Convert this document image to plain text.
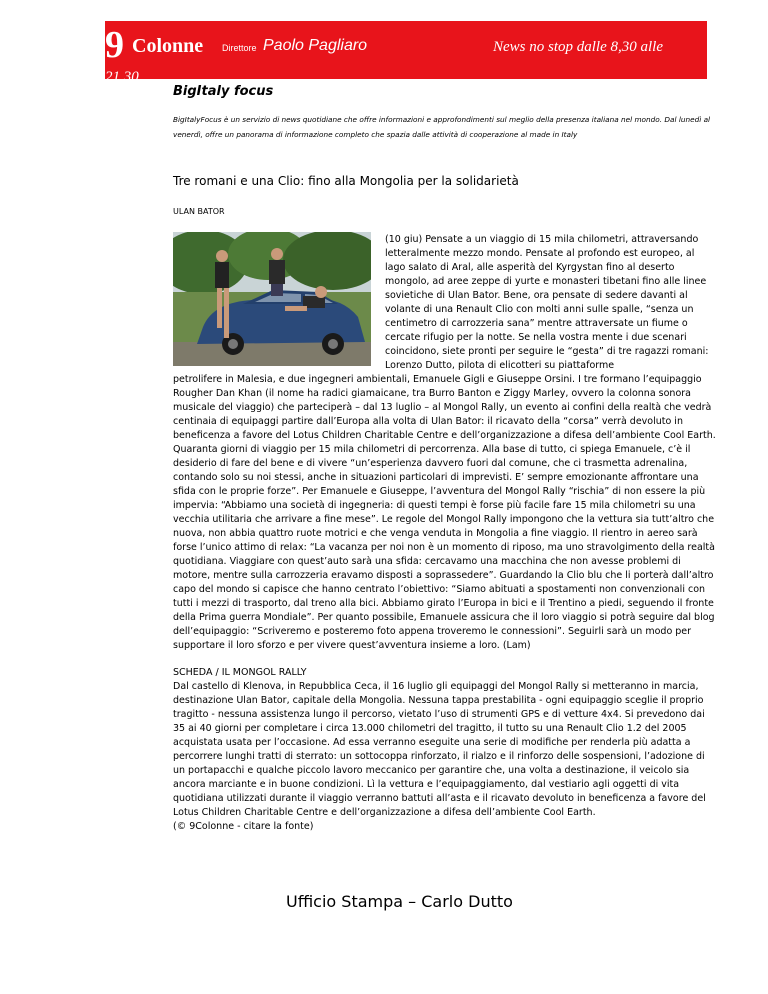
9 Colonne Direttore Paolo Pagliaro	News no stop dalle 8,30 alle
21,30
BigItaly focus
BigItalyFocus è un servizio di news quotidiane che offre informazioni e approfondimenti sul meglio della presenza italiana nel mondo. Dal lunedì al venerdì, offre un panorama di informazione completo che spazia dalle attività di cooperazione al made in Italy
Tre romani e una Clio: fino alla Mongolia per la solidarietà
ULAN BATOR
(10 giu) Pensate a un viaggio di 15 mila chilometri, attraversando letteralmente mezzo mondo. Pensate al profondo est europeo, al lago salato di Aral, alle asperità del Kyrgystan fino al deserto mongolo, ad aree zeppe di yurte e monasteri tibetani fino alle linee sovietiche di Ulan Bator. Bene, ora pensate di sedere davanti al volante di una Renault Clio con molti anni sulle spalle, “senza un centimetro di carrozzeria sana” mentre attraversate un fiume o cercate rifugio per la notte. Se nella vostra mente i due scenari coincidono, siete pronti per seguire le “gesta” di tre ragazzi romani: Lorenzo Dutto, pilota di elicotteri su piattaforme
petrolifere in Malesia, e due ingegneri ambientali, Emanuele Gigli e Giuseppe Orsini. I tre formano l’equipaggio Rougher Dan Khan (il nome ha radici giamaicane, tra Burro Banton e Ziggy Marley, ovvero la colonna sonora musicale del viaggio) che parteciperà – dal 13 luglio – al Mongol Rally, un evento ai confini della realtà che vedrà centinaia di equipaggi partire dall’Europa alla volta di Ulan Bator: il ricavato della “corsa” verrà devoluto in beneficenza a favore del Lotus Children Charitable Centre e dell’organizzazione a difesa dell’ambiente Cool Earth. Quaranta giorni di viaggio per 15 mila chilometri di percorrenza. Alla base di tutto, ci spiega Emanuele, c’è il desiderio di fare del bene e di vivere “un’esperienza davvero fuori dal comune, che ci trasmetta adrenalina, contando solo su noi stessi, anche in situazioni particolari di imprevisti. E’ sempre emozionante affrontare una sfida con le proprie forze”. Per Emanuele e Giuseppe, l’avventura del Mongol Rally “rischia” di non essere la più impervia: “Abbiamo una società di ingegneria: di questi tempi è forse più facile fare 15 mila chilometri su una vecchia utilitaria che arrivare a fine mese”. Le regole del Mongol Rally impongono che la vettura sia tutt’altro che nuova, non abbia quattro ruote motrici e che venga venduta in Mongolia a fine viaggio. Il rientro in aereo sarà forse l’unico attimo di relax: “La vacanza per noi non è un momento di riposo, ma uno stravolgimento della realtà quotidiana. Viaggiare con quest’auto sarà una sfida: cercavamo una macchina che non avesse problemi di motore, mentre sulla carrozzeria eravamo disposti a soprassedere”. Guardando la Clio blu che li porterà dall’altro capo del mondo si capisce che hanno centrato l’obiettivo: “Siamo abituati a spostamenti non convenzionali con tutti i mezzi di trasporto, dal treno alla bici. Abbiamo girato l’Europa in bici e il Trentino a piedi, seguendo il fronte della Prima guerra Mondiale”. Per quanto possibile, Emanuele assicura che il loro viaggio si potrà seguire dal blog dell’equipaggio: “Scriveremo e posteremo foto appena troveremo le connessioni”. Seguirli sarà un modo per supportare il loro sforzo e per vivere quest’avventura insieme a loro. (Lam)
SCHEDA / IL MONGOL RALLY
Dal castello di Klenova, in Repubblica Ceca, il 16 luglio gli equipaggi del Mongol Rally si metteranno in marcia, destinazione Ulan Bator, capitale della Mongolia. Nessuna tappa prestabilita - ogni equipaggio sceglie il proprio tragitto - nessuna assistenza lungo il percorso, vietato l’uso di strumenti GPS e di vetture 4x4. Si prevedono dai 35 ai 40 giorni per completare i circa 13.000 chilometri del tragitto, il tutto su una Renault Clio 1.2 del 2005 acquistata usata per l’occasione. Ad essa verranno eseguite una serie di modifiche per renderla più adatta a percorrere lunghi tratti di sterrato: un sottocoppa rinforzato, il rialzo e il rinforzo delle sospensioni, l’adozione di un portapacchi e qualche piccolo lavoro meccanico per garantire che, una volta a destinazione, il veicolo sia ancora marciante e in buone condizioni. Lì la vettura e l’equipaggiamento, dal vestiario agli oggetti di vita quotidiana utilizzati durante il viaggio verranno battuti all’asta e il ricavato devoluto in beneficenza a favore del Lotus Children Charitable Centre e dell’organizzazione a difesa dell’ambiente Cool Earth.
(© 9Colonne - citare la fonte)
Ufficio Stampa – Carlo Dutto
